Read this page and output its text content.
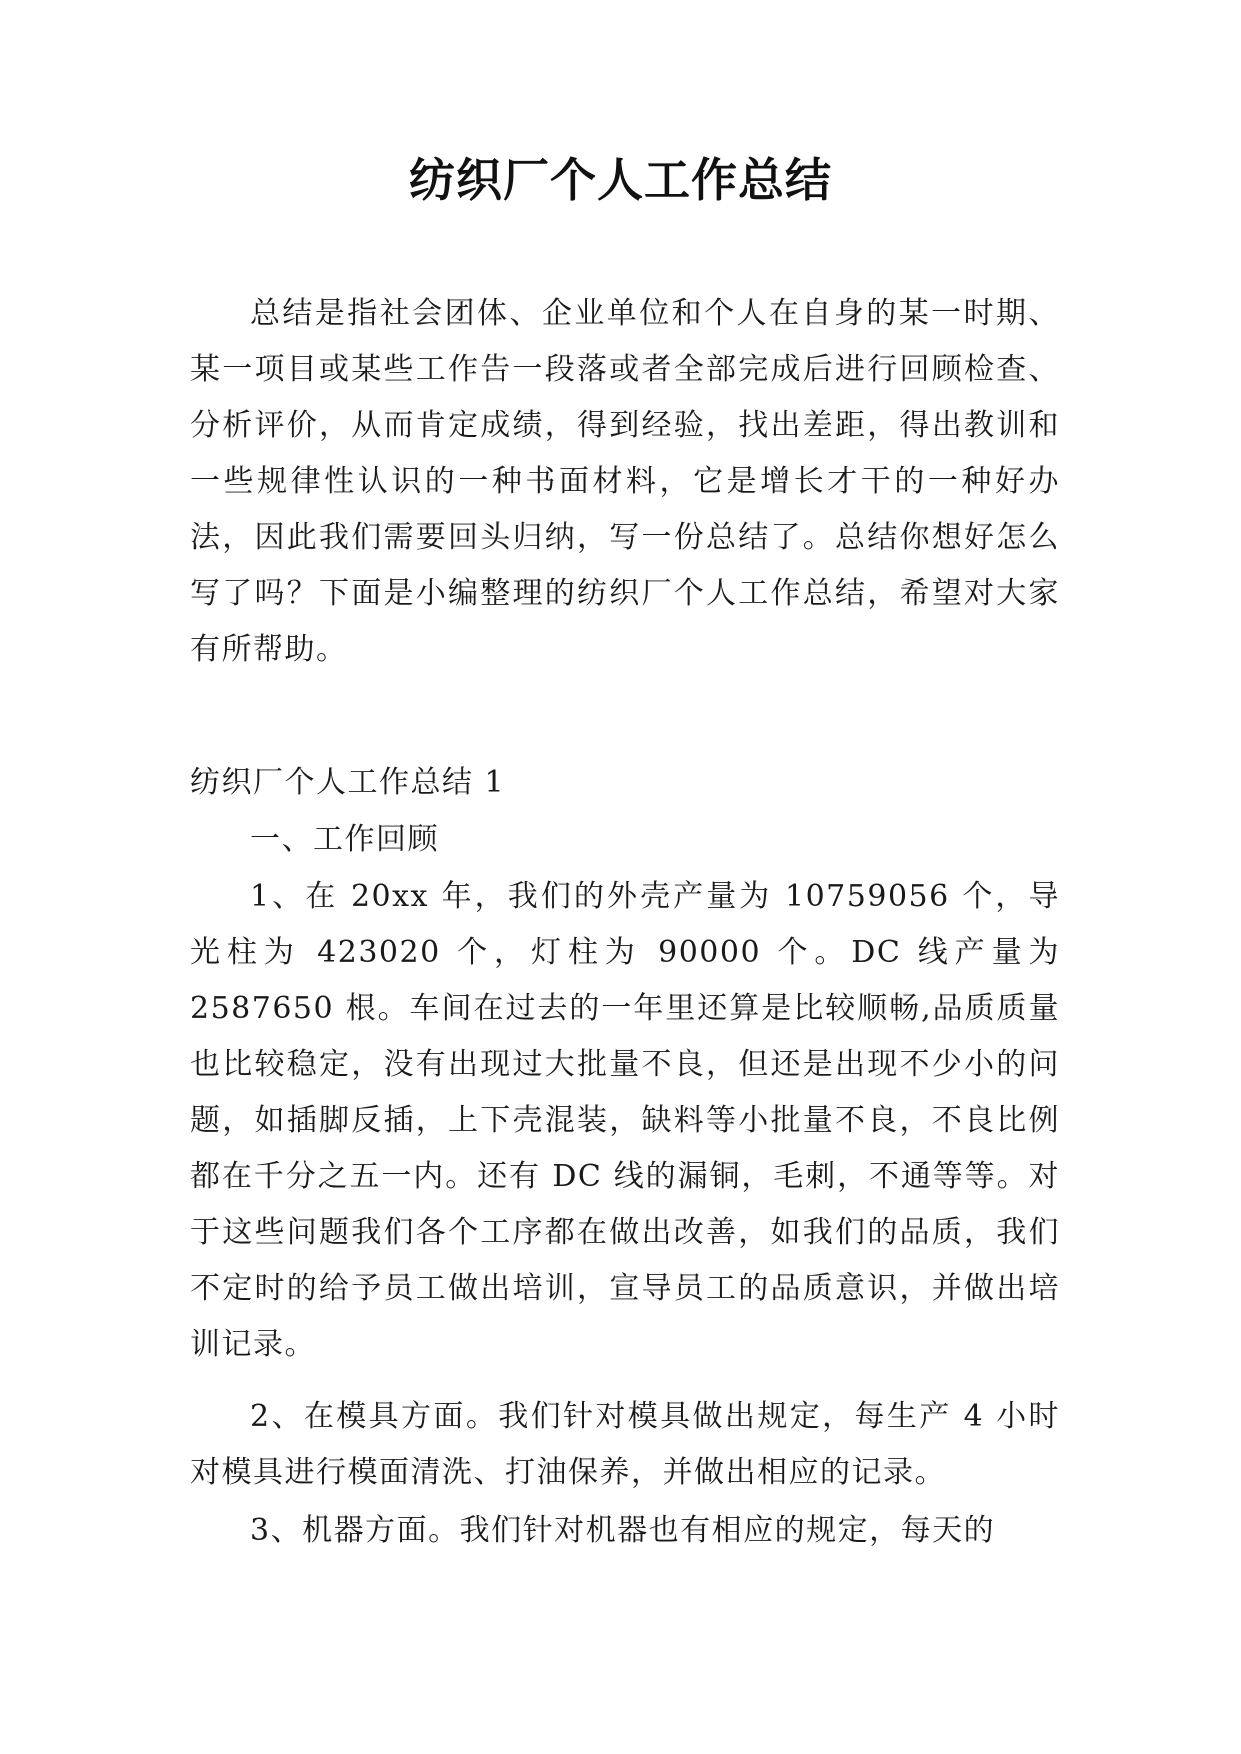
纺织厂个人工作总结

总结是指社会团体、企业单位和个人在自身的某一时期、某一项目或某些工作告一段落或者全部完成后进行回顾检查、分析评价，从而肯定成绩，得到经验，找出差距，得出教训和一些规律性认识的一种书面材料，它是增长才干的一种好办法，因此我们需要回头归纳，写一份总结了。总结你想好怎么写了吗？下面是小编整理的纺织厂个人工作总结，希望对大家有所帮助。

纺织厂个人工作总结 1

一、工作回顾

1、在 20xx 年，我们的外壳产量为 10759056 个，导光柱为 423020 个，灯柱为 90000 个。DC 线产量为 2587650 根。车间在过去的一年里还算是比较顺畅,品质质量也比较稳定，没有出现过大批量不良，但还是出现不少小的问题，如插脚反插，上下壳混装，缺料等小批量不良，不良比例都在千分之五一内。还有 DC 线的漏铜，毛刺，不通等等。对于这些问题我们各个工序都在做出改善，如我们的品质，我们不定时的给予员工做出培训，宣导员工的品质意识，并做出培训记录。

2、在模具方面。我们针对模具做出规定，每生产 4 小时对模具进行模面清洗、打油保养，并做出相应的记录。

3、机器方面。我们针对机器也有相应的规定，每天的
